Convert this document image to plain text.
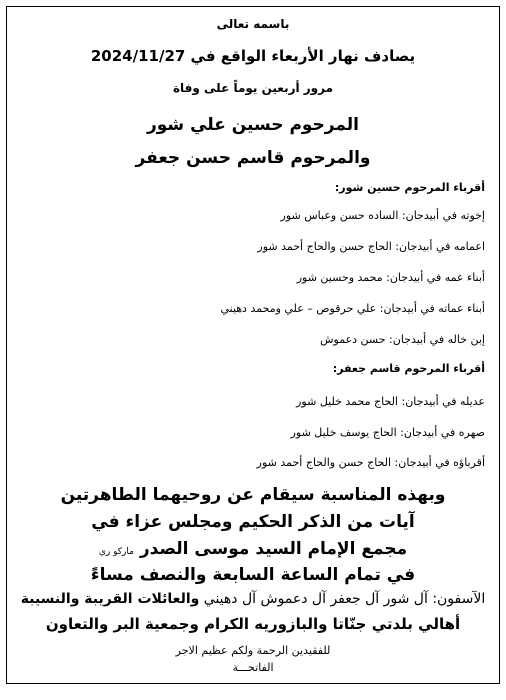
باسمه تعالى
يصادف نهار الأربعاء الواقع في 2024/11/27
مرور أربعين يوماً على وفاة
المرحوم حسين علي شور
والمرحوم قاسم حسن جعفر
أقرباء المرحوم حسين شور:
إخوته في أبيدجان: الساده حسن وعباس شور
اعمامه في أبيدجان: الحاج حسن والحاج أحمد شور
أبناء عمه في أبيدجان: محمد وحسين شور
أبناء عماته في أبيدجان: علي حرقوص – علي ومحمد دهيني
إبن خاله في أبيدجان: حسن دعموش
أقرباء المرحوم قاسم جعفر:
عديله في أبيدجان: الحاج محمد خليل شور
صهره في أبيدجان: الحاج يوسف خليل شور
أقرباؤه في أبيدجان: الحاج حسن والحاج أحمد شور
وبهذه المناسبة سيقام عن روحيهما الطاهرتين
آيات من الذكر الحكيم ومجلس عزاء في
مجمع الإمام السيد موسى الصدر ماركو ري
في تمام الساعة السابعة والنصف مساءً
الآسفون: آل شور آل جعفر آل دعموش آل دهيني والعائلات القريبة والنسيبة
أهالي بلدتي جنّاتا والبازوريه الكرام وجمعية البر والتعاون
للفقيدين الرحمة ولكم عظيم الاجر
الفاتحـــة
